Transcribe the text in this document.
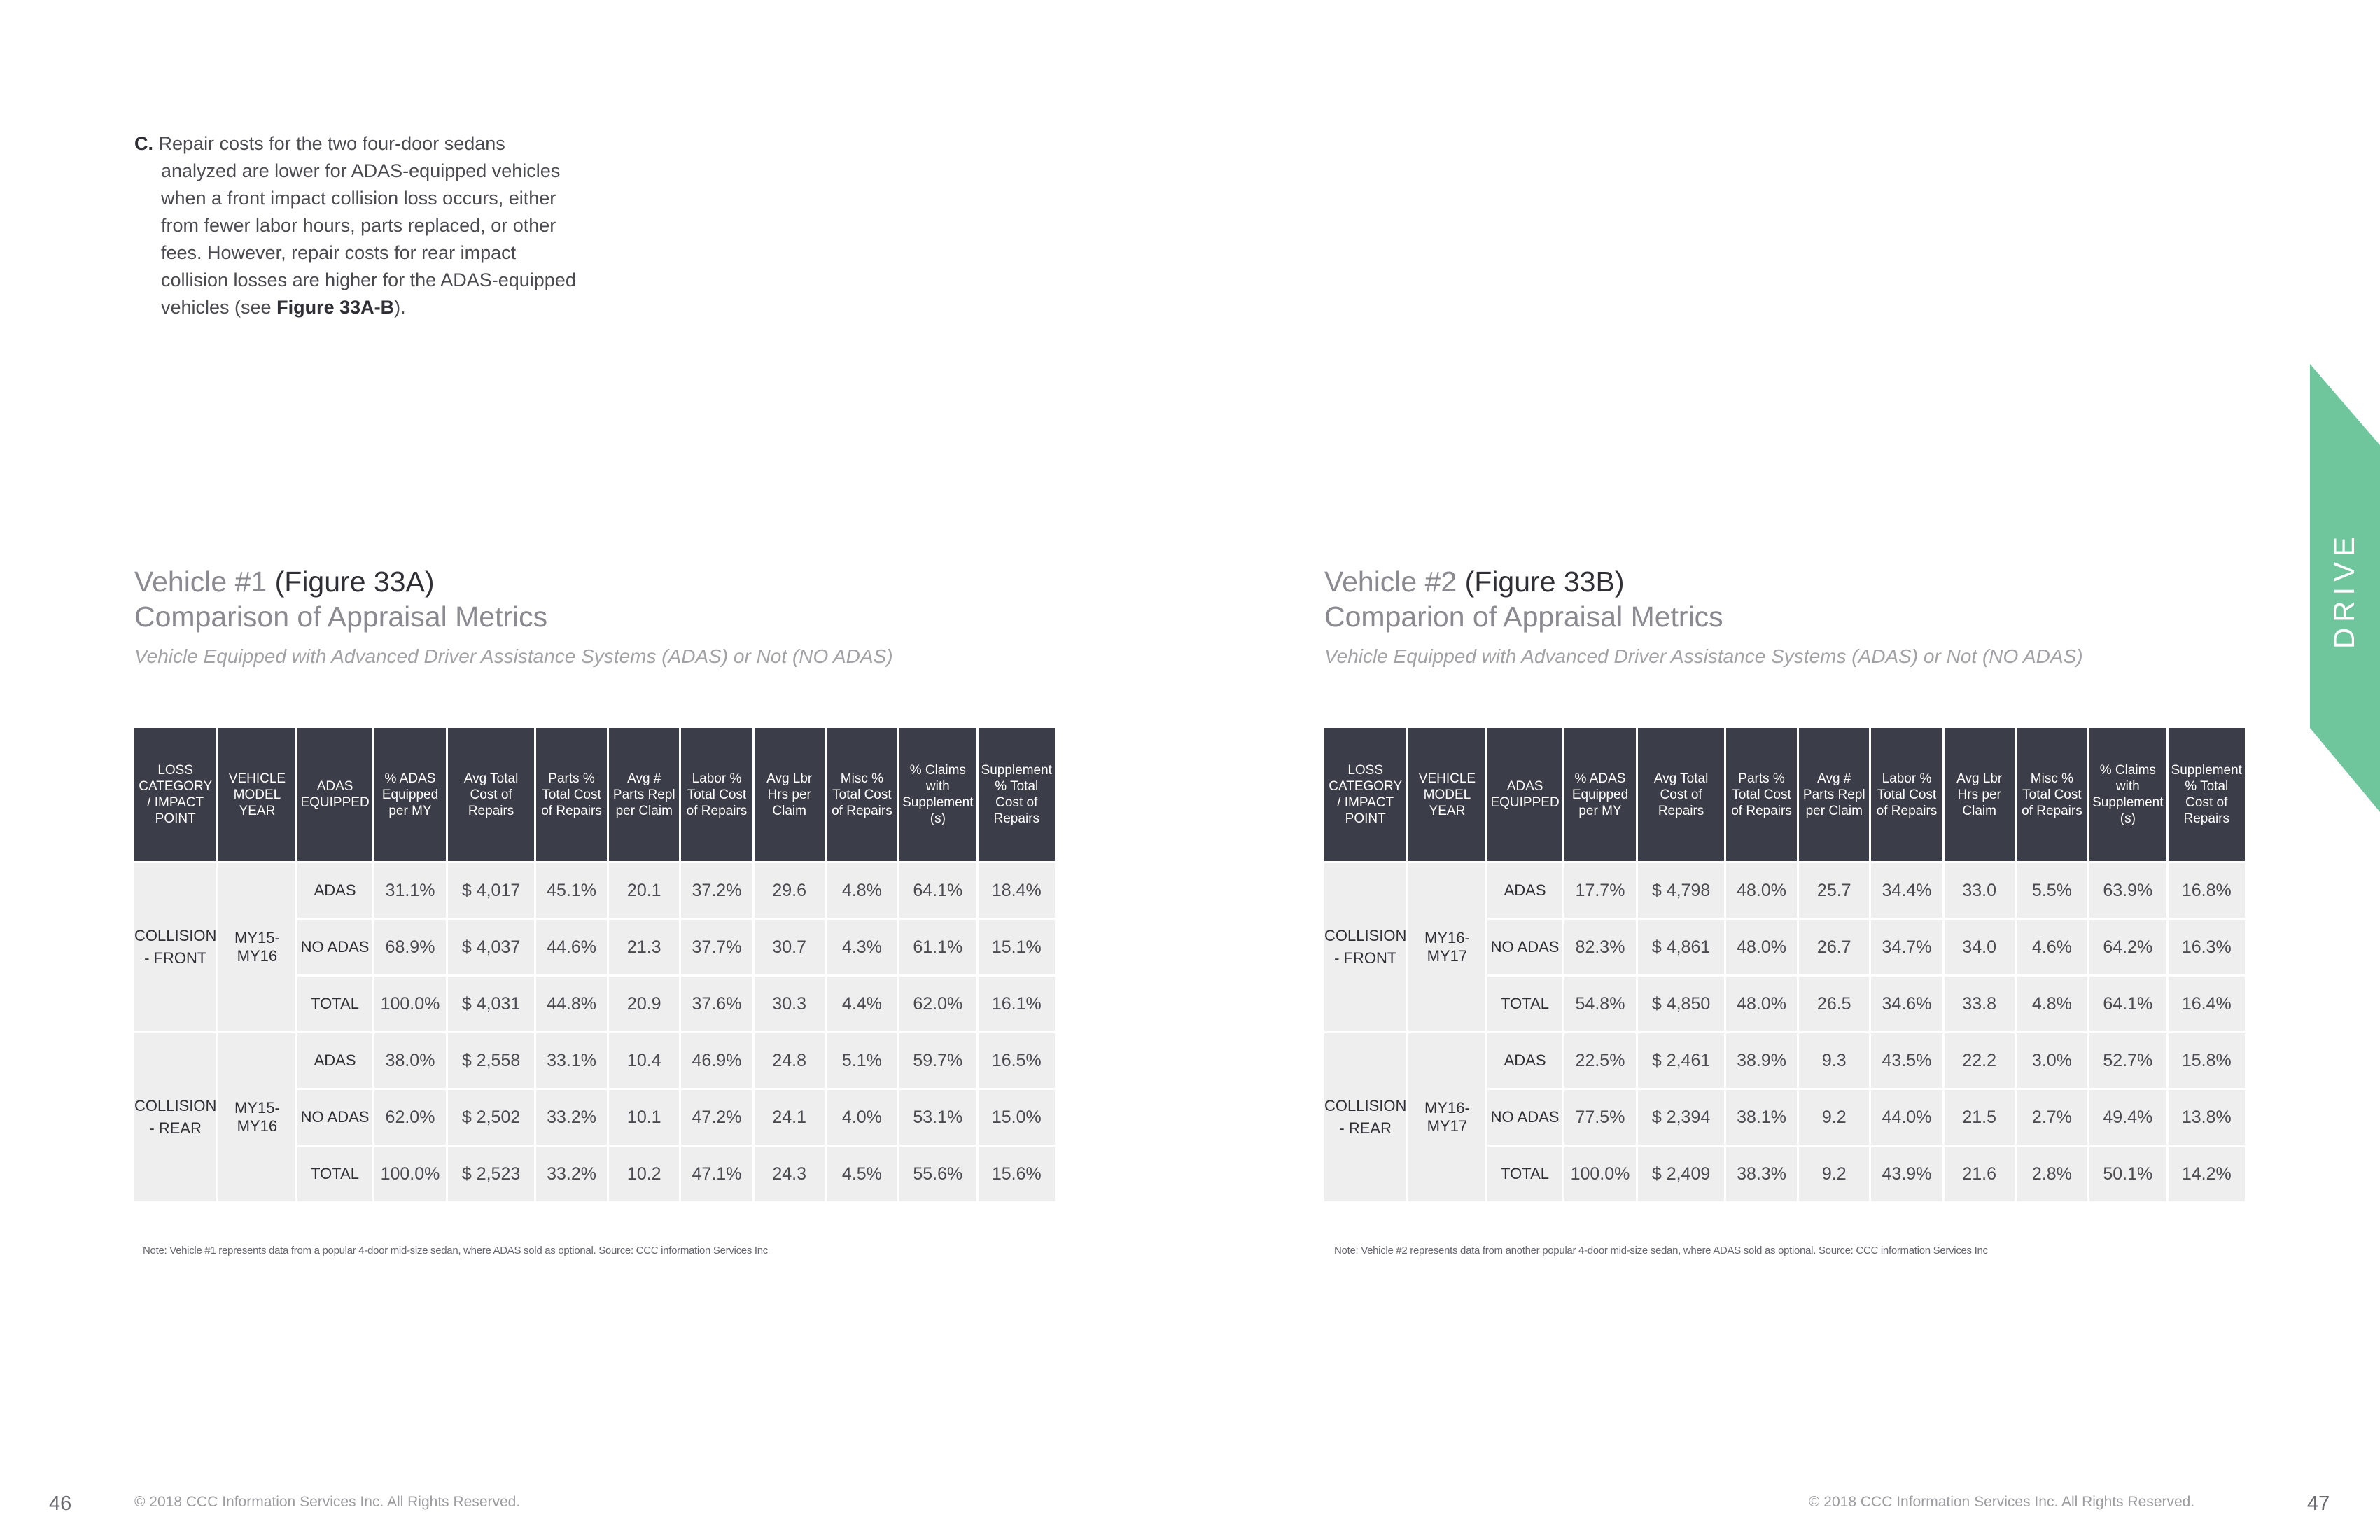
C. Repair costs for the two four-door sedans analyzed are lower for ADAS-equipped vehicles when a front impact collision loss occurs, either from fewer labor hours, parts replaced, or other fees. However, repair costs for rear impact collision losses are higher for the ADAS-equipped vehicles (see Figure 33A-B).

Vehicle #1 (Figure 33A)
Comparison of Appraisal Metrics
Vehicle Equipped with Advanced Driver Assistance Systems (ADAS) or Not (NO ADAS)
LOSS CATEGORY / IMPACT POINT	VEHICLE MODEL YEAR	ADAS EQUIPPED	% ADAS Equipped per MY	Avg Total Cost of Repairs	Parts % Total Cost of Repairs	Avg # Parts Repl per Claim	Labor % Total Cost of Repairs	Avg Lbr Hrs per Claim	Misc % Total Cost of Repairs	% Claims with Supplement (s)	Supplement % Total Cost of Repairs
COLLISION - FRONT	MY15-MY16	ADAS	31.1%	$ 4,017	45.1%	20.1	37.2%	29.6	4.8%	64.1%	18.4%
		NO ADAS	68.9%	$ 4,037	44.6%	21.3	37.7%	30.7	4.3%	61.1%	15.1%
		TOTAL	100.0%	$ 4,031	44.8%	20.9	37.6%	30.3	4.4%	62.0%	16.1%
COLLISION - REAR	MY15-MY16	ADAS	38.0%	$ 2,558	33.1%	10.4	46.9%	24.8	5.1%	59.7%	16.5%
		NO ADAS	62.0%	$ 2,502	33.2%	10.1	47.2%	24.1	4.0%	53.1%	15.0%
		TOTAL	100.0%	$ 2,523	33.2%	10.2	47.1%	24.3	4.5%	55.6%	15.6%
Note: Vehicle #1 represents data from a popular 4-door mid-size sedan, where ADAS sold as optional. Source: CCC information Services Inc
Vehicle #2 (Figure 33B)
Comparion of Appraisal Metrics
Vehicle Equipped with Advanced Driver Assistance Systems (ADAS) or Not (NO ADAS)
LOSS CATEGORY / IMPACT POINT	VEHICLE MODEL YEAR	ADAS EQUIPPED	% ADAS Equipped per MY	Avg Total Cost of Repairs	Parts % Total Cost of Repairs	Avg # Parts Repl per Claim	Labor % Total Cost of Repairs	Avg Lbr Hrs per Claim	Misc % Total Cost of Repairs	% Claims with Supplement (s)	Supplement % Total Cost of Repairs
COLLISION - FRONT	MY16- MY17	ADAS	17.7%	$ 4,798	48.0%	25.7	34.4%	33.0	5.5%	63.9%	16.8%
		NO ADAS	82.3%	$ 4,861	48.0%	26.7	34.7%	34.0	4.6%	64.2%	16.3%
		TOTAL	54.8%	$ 4,850	48.0%	26.5	34.6%	33.8	4.8%	64.1%	16.4%
COLLISION - REAR	MY16- MY17	ADAS	22.5%	$ 2,461	38.9%	9.3	43.5%	22.2	3.0%	52.7%	15.8%
		NO ADAS	77.5%	$ 2,394	38.1%	9.2	44.0%	21.5	2.7%	49.4%	13.8%
		TOTAL	100.0%	$ 2,409	38.3%	9.2	43.9%	21.6	2.8%	50.1%	14.2%
Note: Vehicle #2 represents data from another popular 4-door mid-size sedan, where ADAS sold as optional. Source: CCC information Services Inc
DRIVE
46	© 2018 CCC Information Services Inc. All Rights Reserved.	© 2018 CCC Information Services Inc. All Rights Reserved.	47
